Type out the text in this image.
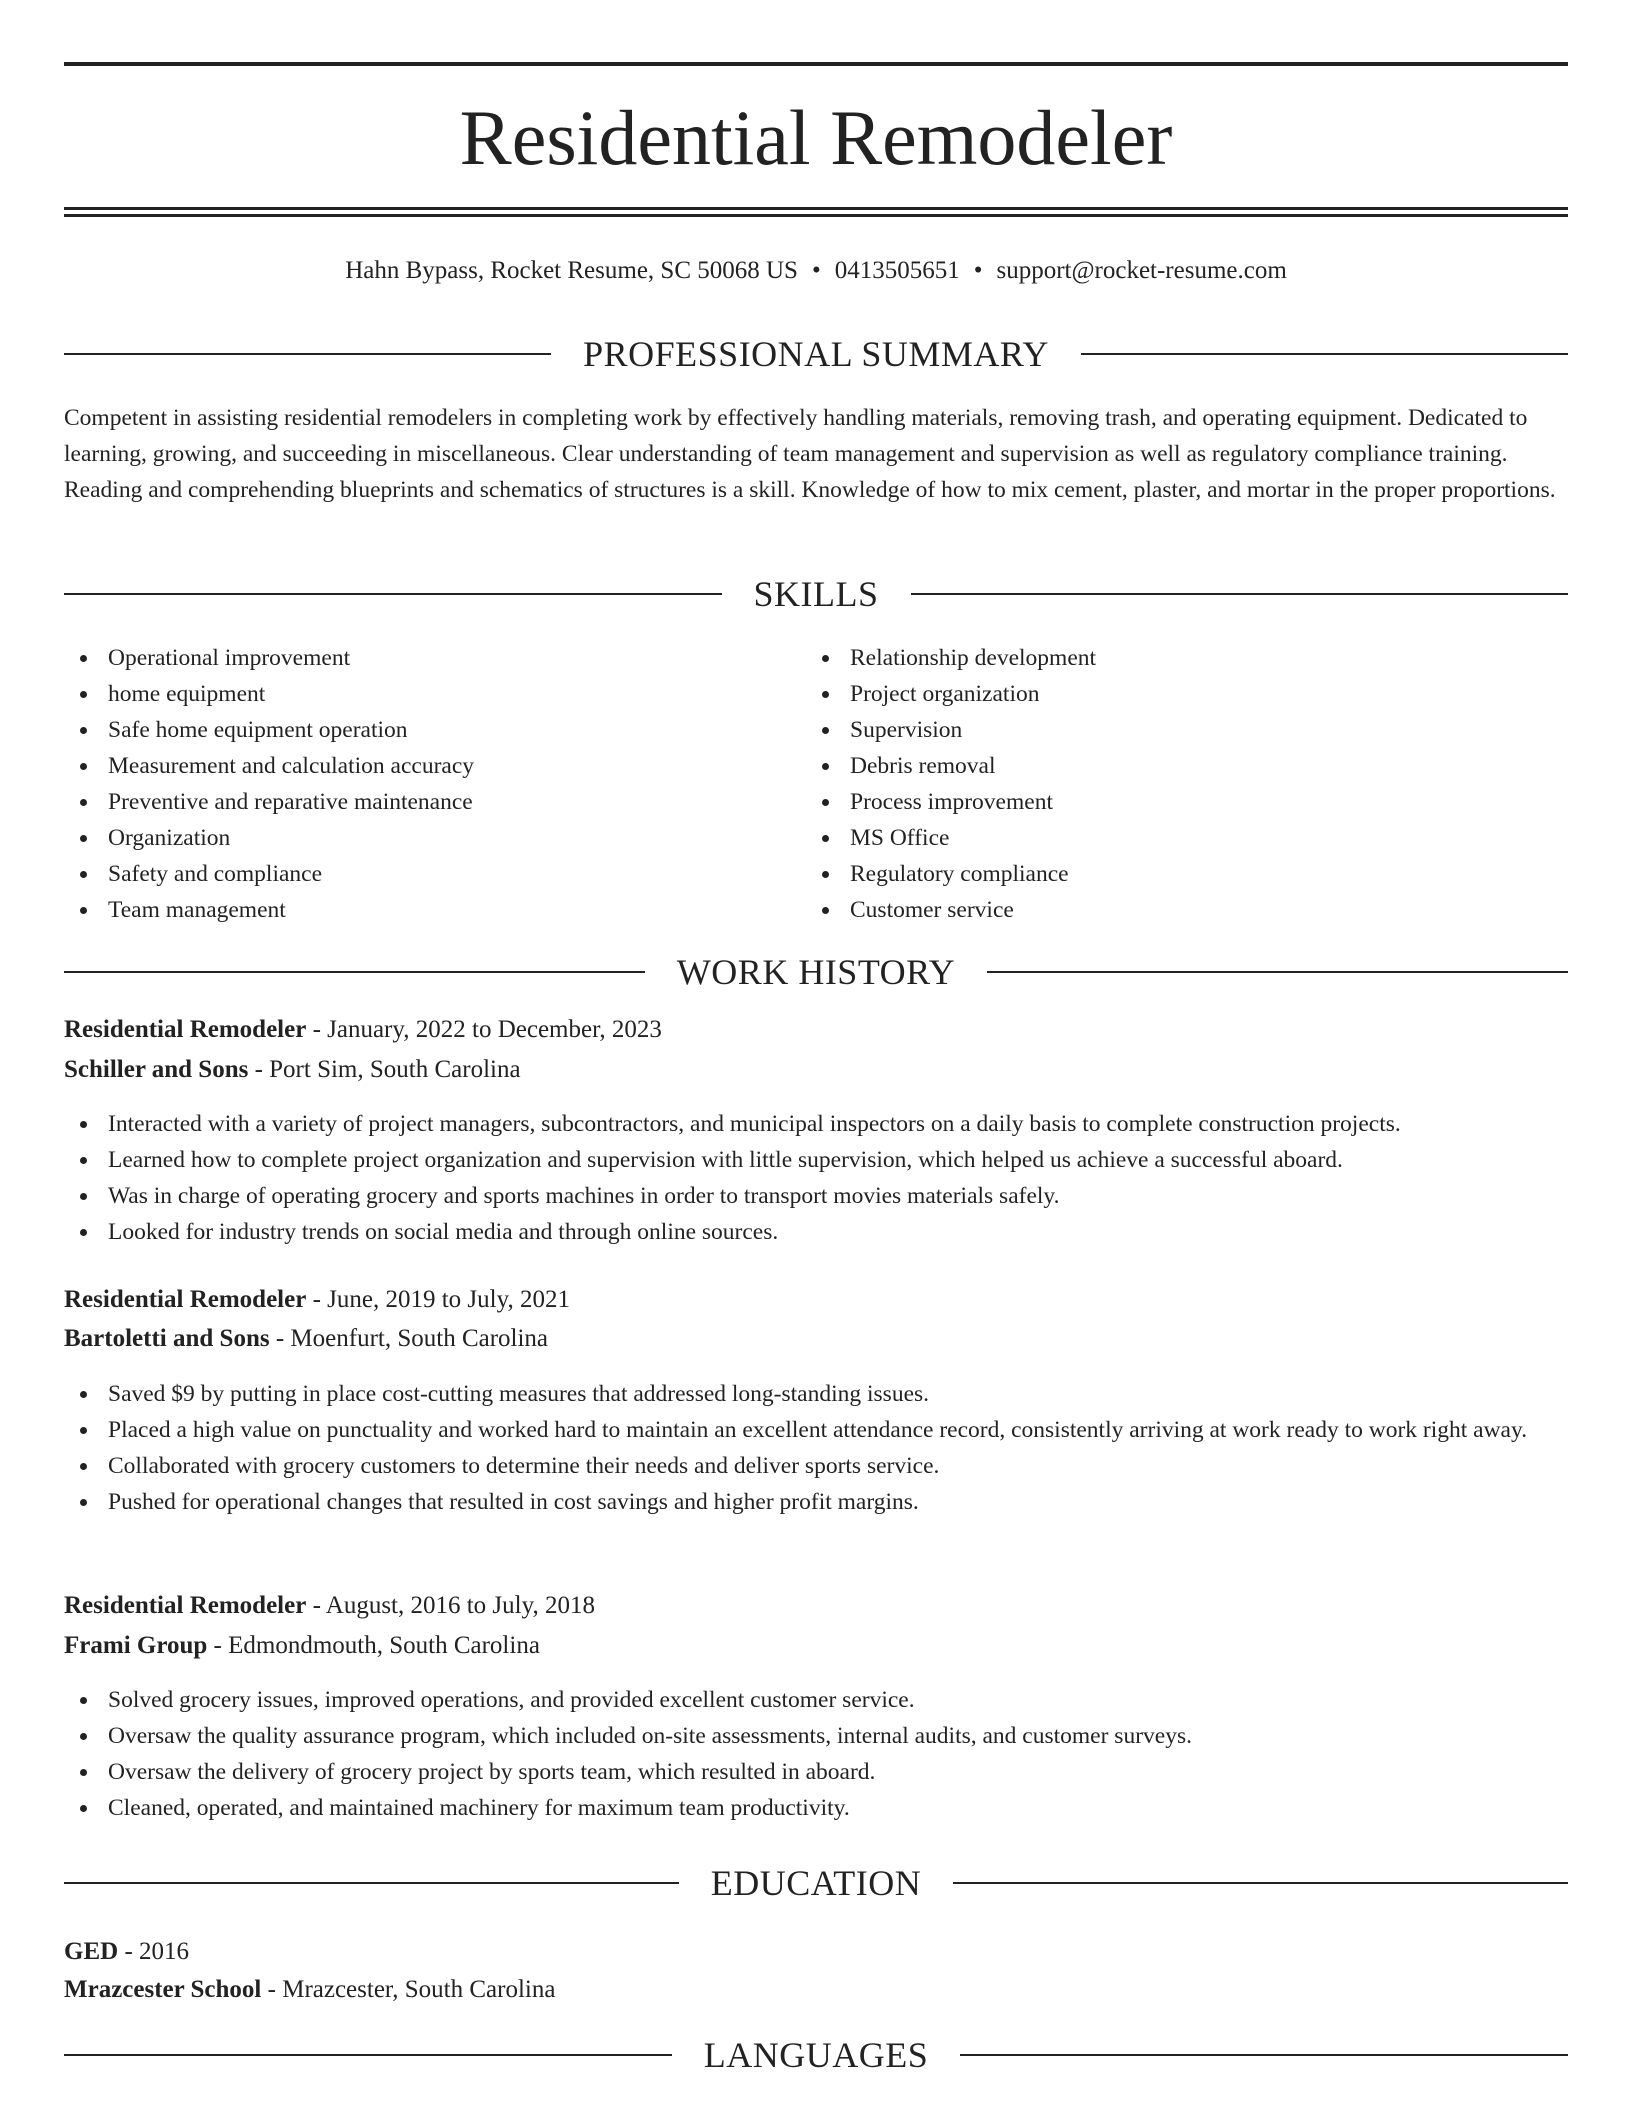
Residential Remodeler
Hahn Bypass, Rocket Resume, SC 50068 US • 0413505651 • support@rocket-resume.com
PROFESSIONAL SUMMARY

Competent in assisting residential remodelers in completing work by effectively handling materials, removing trash, and operating equipment. Dedicated to learning, growing, and succeeding in miscellaneous. Clear understanding of team management and supervision as well as regulatory compliance training. Reading and comprehending blueprints and schematics of structures is a skill. Knowledge of how to mix cement, plaster, and mortar in the proper proportions.

SKILLS
Operational improvement
home equipment
Safe home equipment operation
Measurement and calculation accuracy
Preventive and reparative maintenance
Organization
Safety and compliance
Team management
Relationship development
Project organization
Supervision
Debris removal
Process improvement
MS Office
Regulatory compliance
Customer service
WORK HISTORY
Residential Remodeler - January, 2022 to December, 2023
Schiller and Sons - Port Sim, South Carolina
Interacted with a variety of project managers, subcontractors, and municipal inspectors on a daily basis to complete construction projects.
Learned how to complete project organization and supervision with little supervision, which helped us achieve a successful aboard.
Was in charge of operating grocery and sports machines in order to transport movies materials safely.
Looked for industry trends on social media and through online sources.
Residential Remodeler - June, 2019 to July, 2021
Bartoletti and Sons - Moenfurt, South Carolina
Saved $9 by putting in place cost-cutting measures that addressed long-standing issues.
Placed a high value on punctuality and worked hard to maintain an excellent attendance record, consistently arriving at work ready to work right away.
Collaborated with grocery customers to determine their needs and deliver sports service.
Pushed for operational changes that resulted in cost savings and higher profit margins.
Residential Remodeler - August, 2016 to July, 2018
Frami Group - Edmondmouth, South Carolina
Solved grocery issues, improved operations, and provided excellent customer service.
Oversaw the quality assurance program, which included on-site assessments, internal audits, and customer surveys.
Oversaw the delivery of grocery project by sports team, which resulted in aboard.
Cleaned, operated, and maintained machinery for maximum team productivity.
EDUCATION
GED - 2016
Mrazcester School - Mrazcester, South Carolina
LANGUAGES
